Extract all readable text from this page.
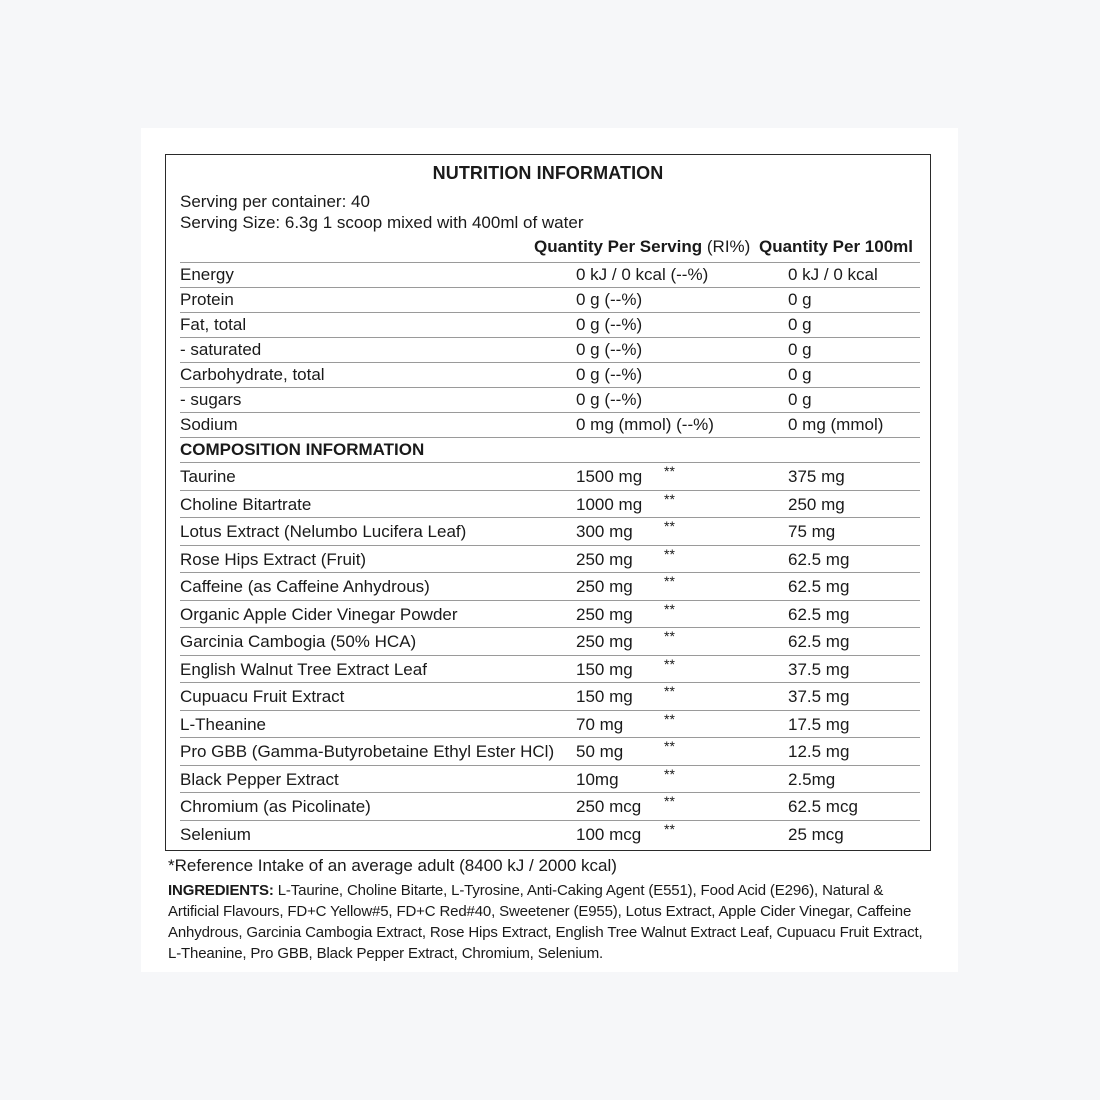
NUTRITION INFORMATION
Serving per container: 40
Serving Size: 6.3g 1 scoop mixed with 400ml of water
Quantity Per Serving (RI%) Quantity Per 100ml
Energy	0 kJ / 0 kcal (--%)	0 kJ / 0 kcal
Protein	0 g (--%)	0 g
Fat, total	0 g (--%)	0 g
- saturated	0 g (--%)	0 g
Carbohydrate, total	0 g (--%)	0 g
- sugars	0 g (--%)	0 g
Sodium	0 mg (mmol) (--%)	0 mg (mmol)
COMPOSITION INFORMATION
Taurine	1500 mg **	375 mg
Choline Bitartrate	1000 mg **	250 mg
Lotus Extract (Nelumbo Lucifera Leaf)	300 mg **	75 mg
Rose Hips Extract (Fruit)	250 mg **	62.5 mg
Caffeine (as Caffeine Anhydrous)	250 mg **	62.5 mg
Organic Apple Cider Vinegar Powder	250 mg **	62.5 mg
Garcinia Cambogia (50% HCA)	250 mg **	62.5 mg
English Walnut Tree Extract Leaf	150 mg **	37.5 mg
Cupuacu Fruit Extract	150 mg **	37.5 mg
L-Theanine	70 mg	**	17.5 mg
Pro GBB (Gamma-Butyrobetaine Ethyl Ester HCl) 50 mg	**	12.5 mg
Black Pepper Extract	10mg	**	2.5mg
Chromium (as Picolinate)	250 mcg **	62.5 mcg
Selenium	100 mcg **	25 mcg
*Reference Intake of an average adult (8400 kJ / 2000 kcal)
INGREDIENTS: L-Taurine, Choline Bitarte, L-Tyrosine, Anti-Caking Agent (E551), Food Acid (E296), Natural & Artificial Flavours, FD+C Yellow#5, FD+C Red#40, Sweetener (E955), Lotus Extract, Apple Cider Vinegar, Caffeine Anhydrous, Garcinia Cambogia Extract, Rose Hips Extract, English Tree Walnut Extract Leaf, Cupuacu Fruit Extract, L-Theanine, Pro GBB, Black Pepper Extract, Chromium, Selenium.
